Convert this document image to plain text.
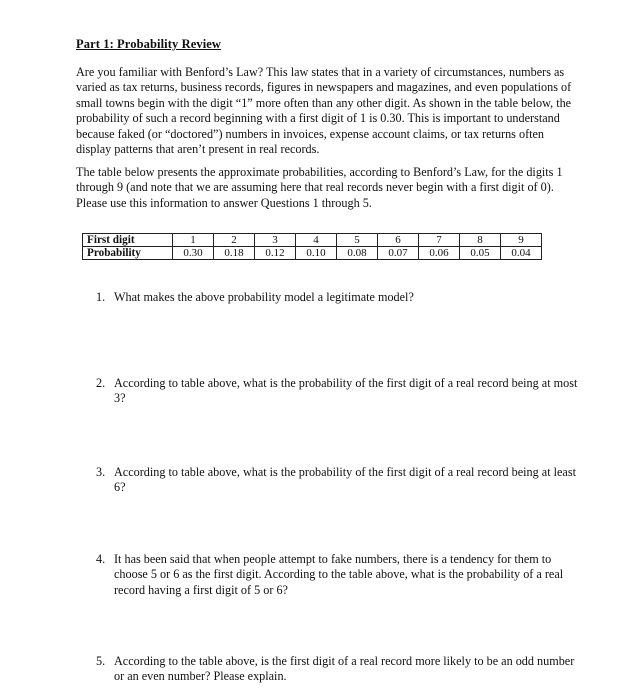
Part 1: Probability Review

Are you familiar with Benford’s Law? This law states that in a variety of circumstances, numbers as varied as tax returns, business records, figures in newspapers and magazines, and even populations of small towns begin with the digit “1” more often than any other digit. As shown in the table below, the probability of such a record beginning with a first digit of 1 is 0.30. This is important to understand because faked (or “doctored”) numbers in invoices, expense account claims, or tax returns often display patterns that aren’t present in real records.

The table below presents the approximate probabilities, according to Benford’s Law, for the digits 1 through 9 (and note that we are assuming here that real records never begin with a first digit of 0). Please use this information to answer Questions 1 through 5.

First digit	1	2	3	4	5	6	7	8	9
Probability	0.30	0.18	0.12	0.10	0.08	0.07	0.06	0.05	0.04
1. What makes the above probability model a legitimate model?
2. According to table above, what is the probability of the first digit of a real record being at most 3?
3. According to table above, what is the probability of the first digit of a real record being at least 6?
4. It has been said that when people attempt to fake numbers, there is a tendency for them to choose 5 or 6 as the first digit. According to the table above, what is the probability of a real record having a first digit of 5 or 6?
5. According to the table above, is the first digit of a real record more likely to be an odd number or an even number? Please explain.
